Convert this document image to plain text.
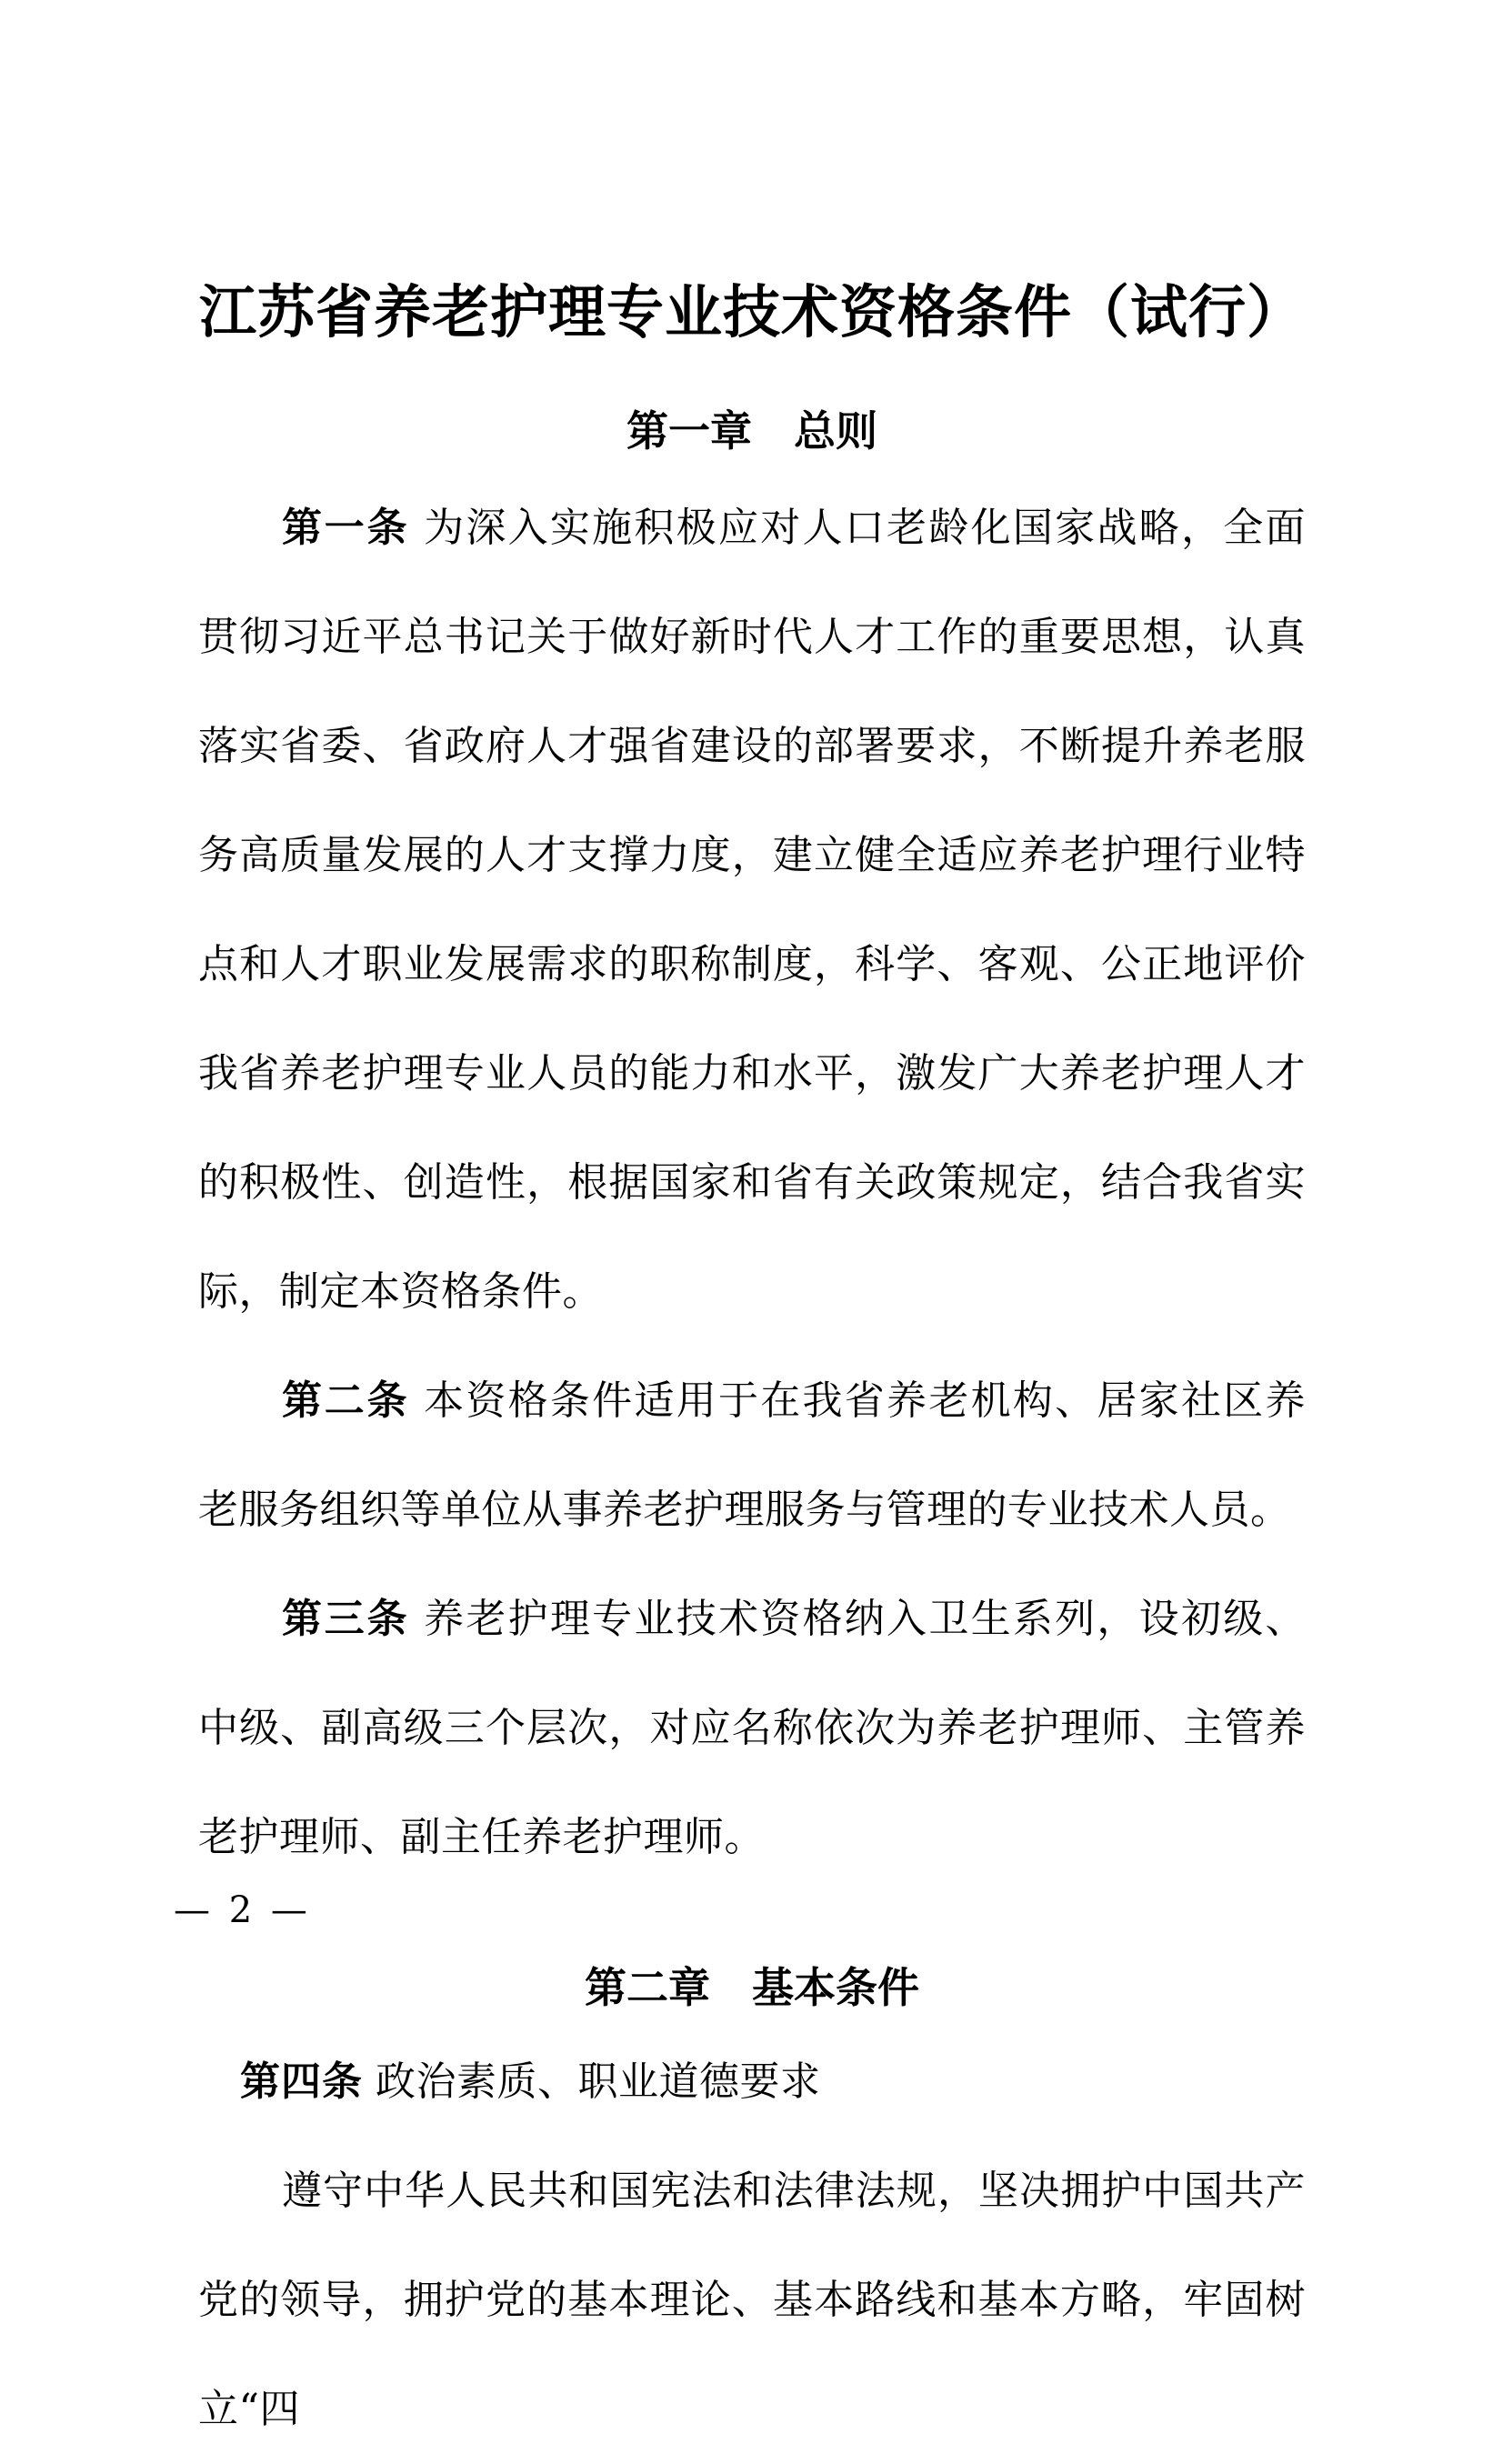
江苏省养老护理专业技术资格条件（试行）
第一章　总则

第一条 为深入实施积极应对人口老龄化国家战略，全面贯彻习近平总书记关于做好新时代人才工作的重要思想，认真落实省委、省政府人才强省建设的部署要求，不断提升养老服务高质量发展的人才支撑力度，建立健全适应养老护理行业特点和人才职业发展需求的职称制度，科学、客观、公正地评价我省养老护理专业人员的能力和水平，激发广大养老护理人才的积极性、创造性，根据国家和省有关政策规定，结合我省实际，制定本资格条件。

第二条 本资格条件适用于在我省养老机构、居家社区养老服务组织等单位从事养老护理服务与管理的专业技术人员。

第三条 养老护理专业技术资格纳入卫生系列，设初级、中级、副高级三个层次，对应名称依次为养老护理师、主管养老护理师、副主任养老护理师。

第二章　基本条件

第四条 政治素质、职业道德要求

遵守中华人民共和国宪法和法律法规，坚决拥护中国共产党的领导，拥护党的基本理论、基本路线和基本方略，牢固树立“四

— 2 —
